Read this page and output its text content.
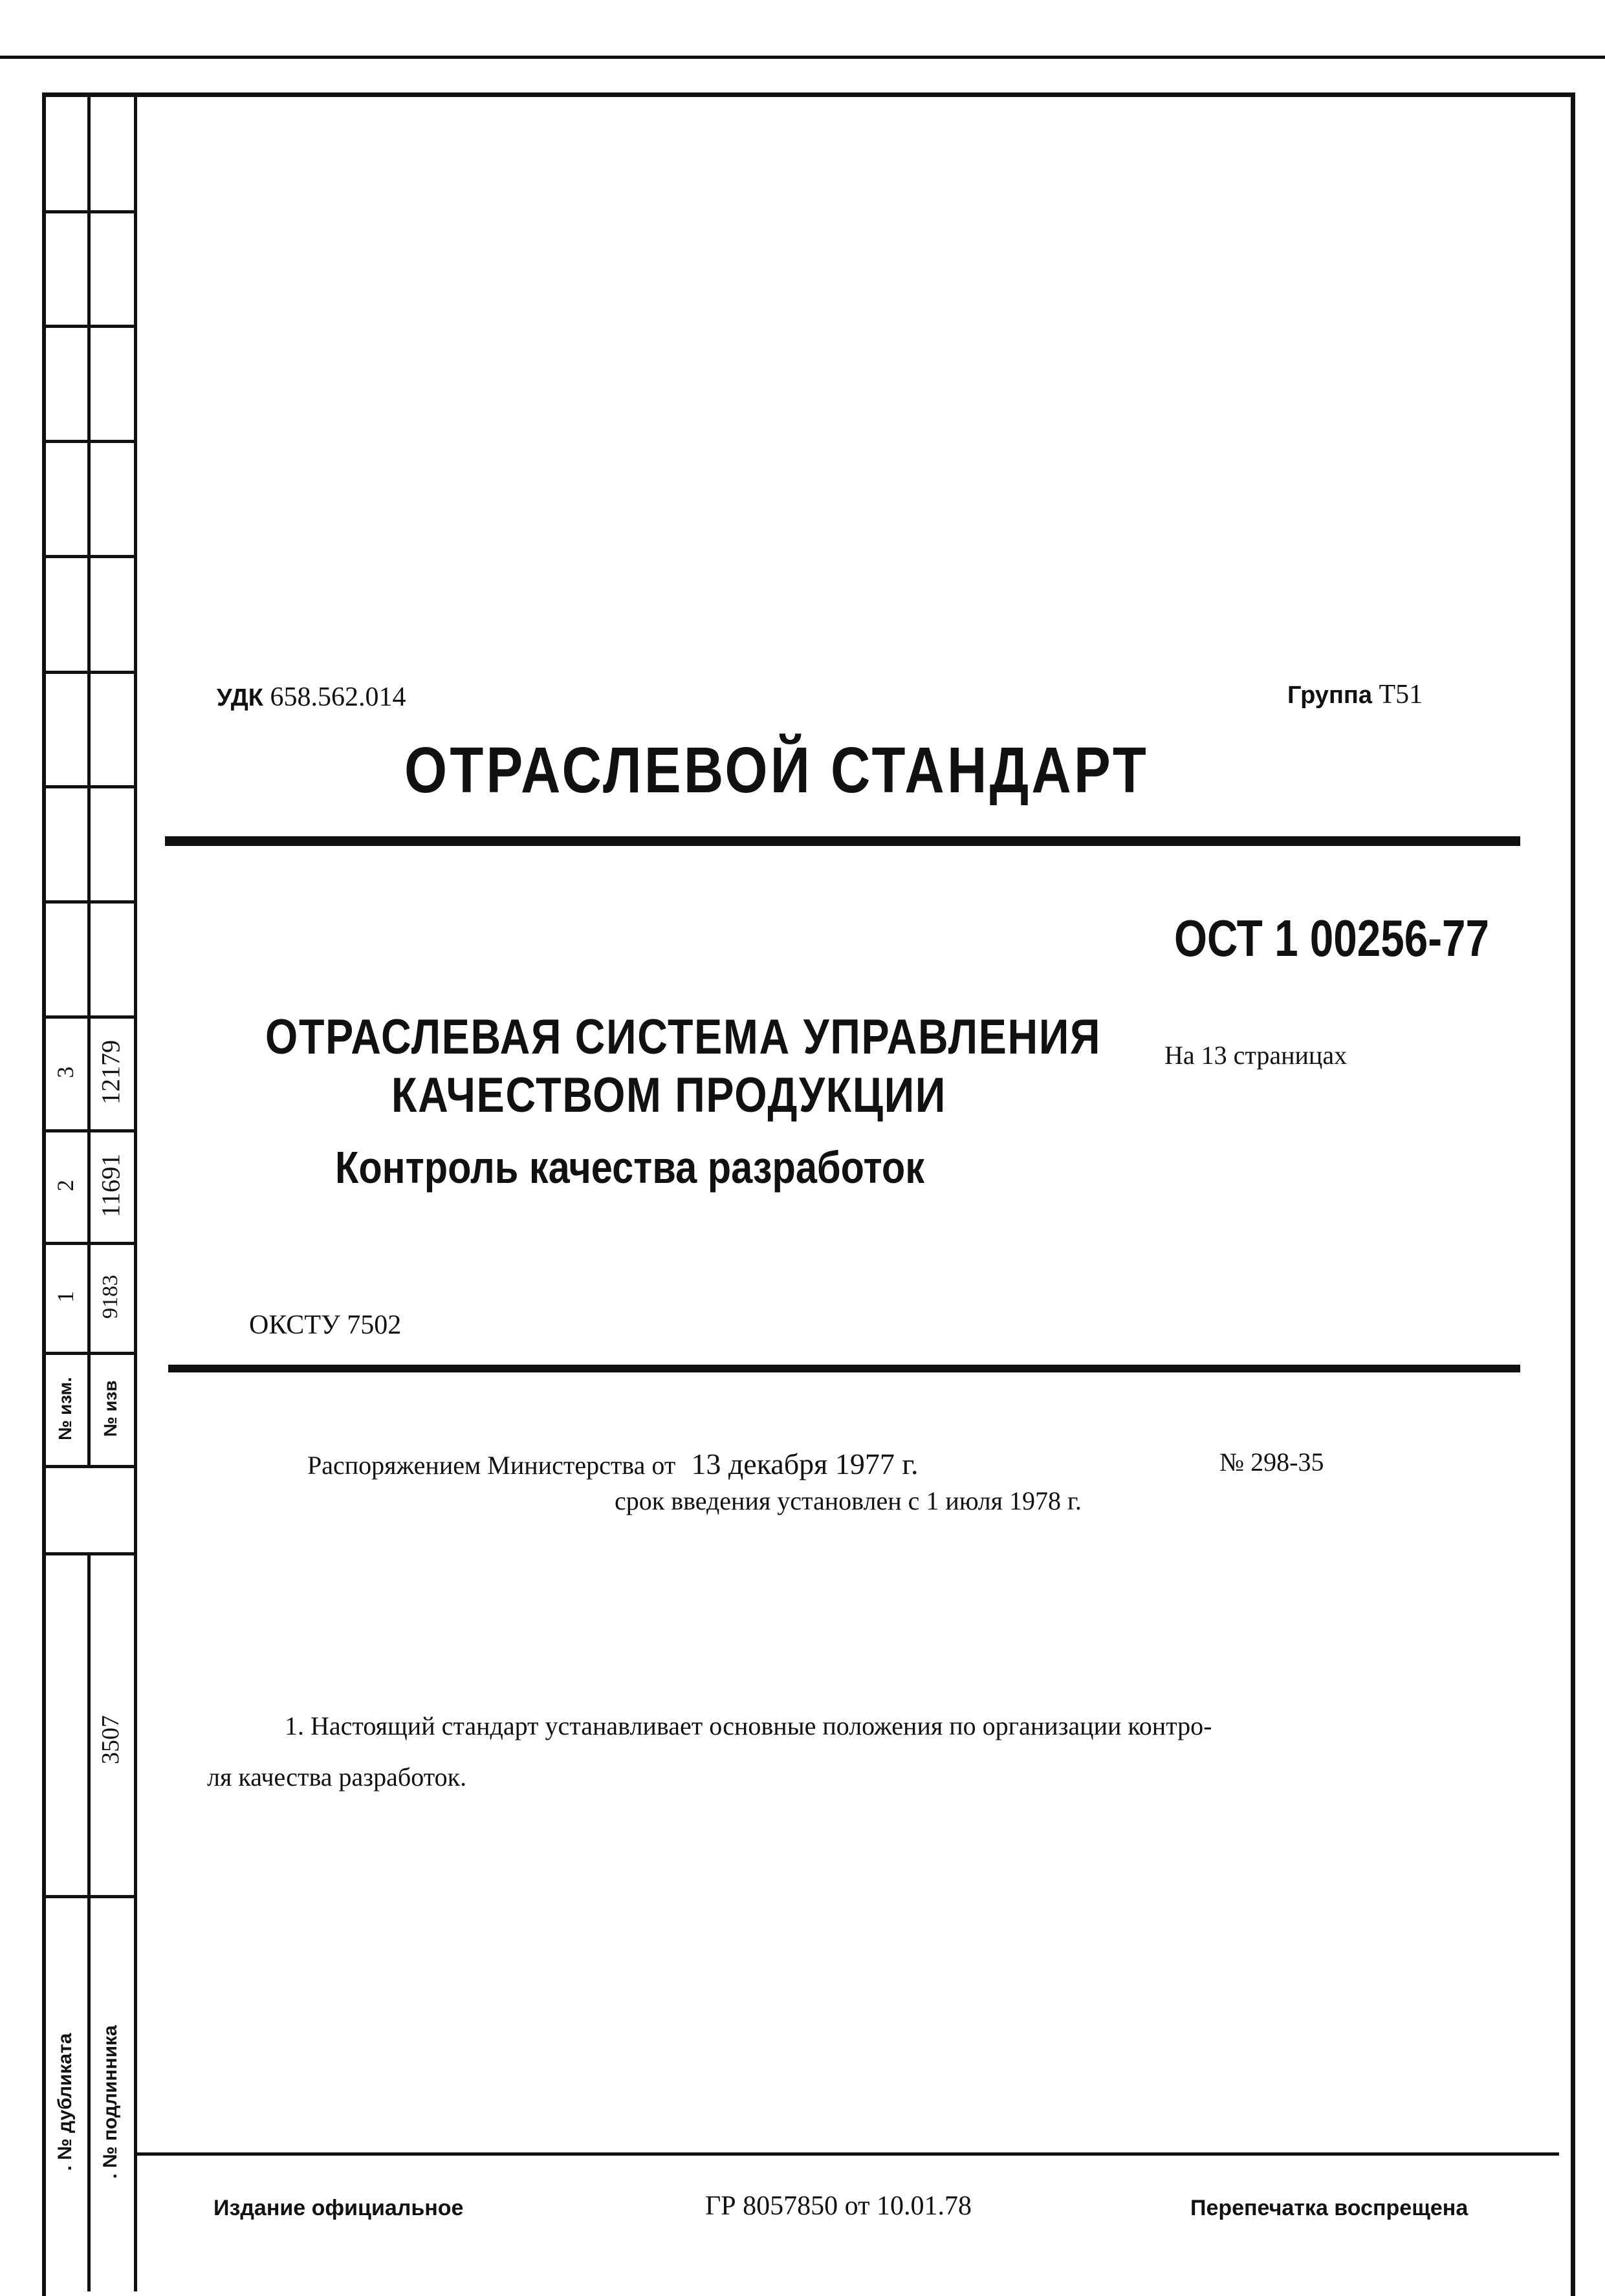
3 12179
2 11691
1 9183
№ изм. № изв
3507
. № дубликата . № подлинника
УДК 658.562.014	Группа Т51
ОТРАСЛЕВОЙ СТАНДАРТ
ОСТ 1 00256-77
ОТРАСЛЕВАЯ СИСТЕМА УПРАВЛЕНИЯ
КАЧЕСТВОМ ПРОДУКЦИИ
Контроль качества разработок
На 13 страницах
ОКСТУ 7502
Распоряжением Министерства от 13 декабря 1977 г.	№ 298-35
срок введения установлен с 1 июля 1978 г.
1. Настоящий стандарт устанавливает основные положения по организации контро-
ля качества разработок.
Издание официальное	ГР 8057850 от 10.01.78	Перепечатка воспрещена
